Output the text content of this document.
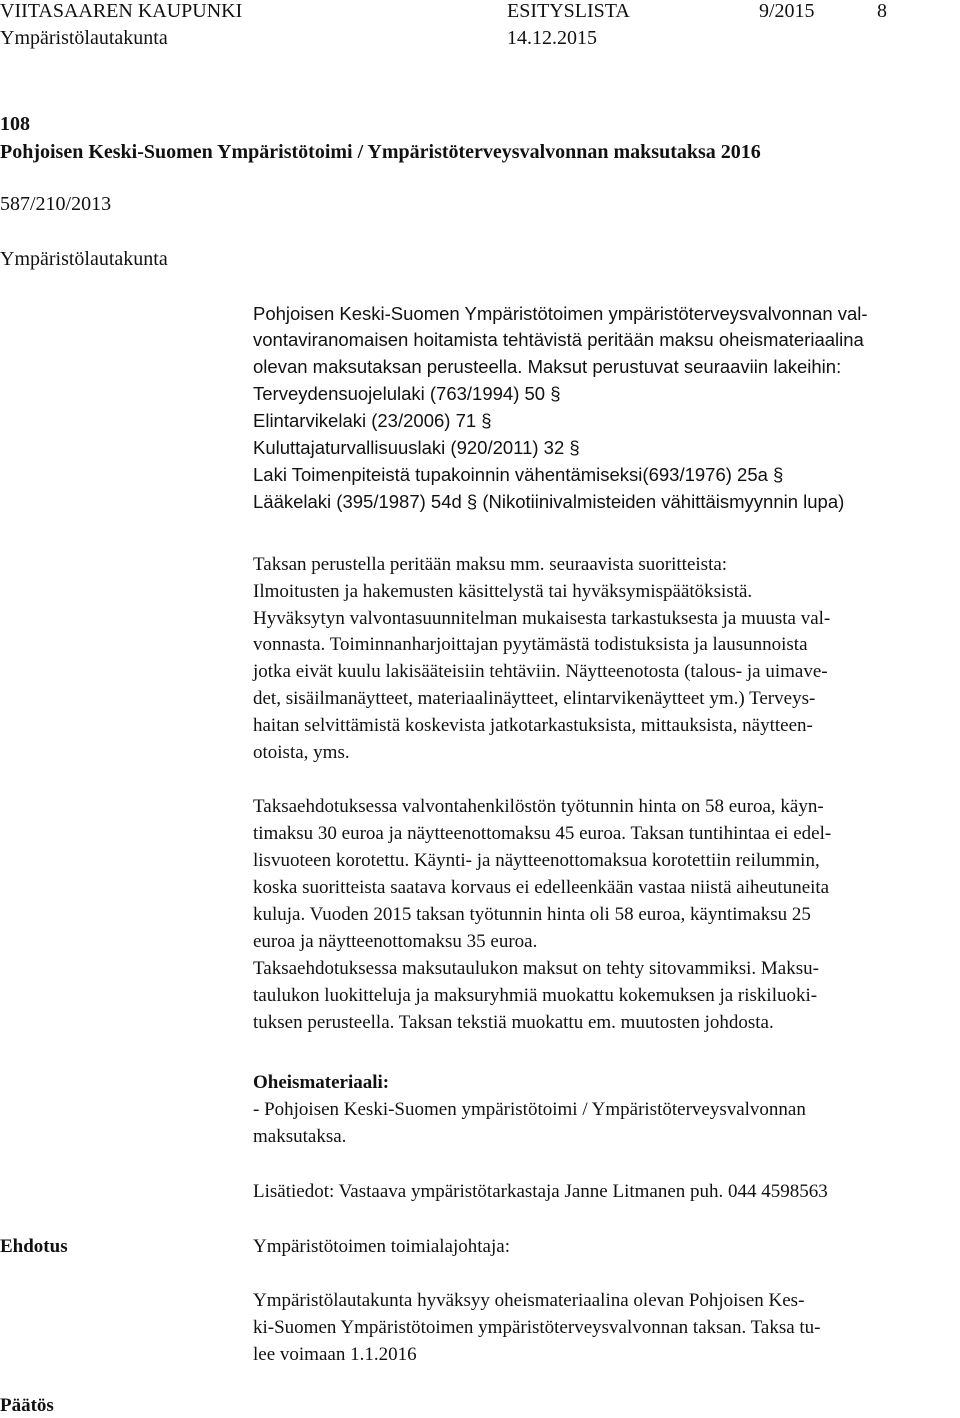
VIITASAAREN KAUPUNKI	ESITYSLISTA	9/2015	8
Ympäristölautakunta	14.12.2015
108
Pohjoisen Keski-Suomen Ympäristötoimi / Ympäristöterveysvalvonnan maksutaksa 2016
587/210/2013
Ympäristölautakunta
Pohjoisen Keski-Suomen Ympäristötoimen ympäristöterveysvalvonnan val-
vontaviranomaisen hoitamista tehtävistä peritään maksu oheismateriaalina
olevan maksutaksan perusteella. Maksut perustuvat seuraaviin lakeihin:
Terveydensuojelulaki (763/1994) 50 §
Elintarvikelaki (23/2006) 71 §
Kuluttajaturvallisuuslaki (920/2011) 32 §
Laki Toimenpiteistä tupakoinnin vähentämiseksi(693/1976) 25a §
Lääkelaki (395/1987) 54d § (Nikotiinivalmisteiden vähittäismyynnin lupa)
Taksan perustella peritään maksu mm. seuraavista suoritteista:
Ilmoitusten ja hakemusten käsittelystä tai hyväksymispäätöksistä.
Hyväksytyn valvontasuunnitelman mukaisesta tarkastuksesta ja muusta val-
vonnasta. Toiminnanharjoittajan pyytämästä todistuksista ja lausunnoista
jotka eivät kuulu lakisääteisiin tehtäviin. Näytteenotosta (talous- ja uimave-
det, sisäilmanäytteet, materiaalinäytteet, elintarvikenäytteet ym.) Terveys-
haitan selvittämistä koskevista jatkotarkastuksista, mittauksista, näytteen-
otoista, yms.
Taksaehdotuksessa valvontahenkilöstön työtunnin hinta on 58 euroa, käyn-
timaksu 30 euroa ja näytteenottomaksu 45 euroa. Taksan tuntihintaa ei edel-
lisvuoteen korotettu. Käynti- ja näytteenottomaksua korotettiin reilummin,
koska suoritteista saatava korvaus ei edelleenkään vastaa niistä aiheutuneita
kuluja. Vuoden 2015 taksan työtunnin hinta oli 58 euroa, käyntimaksu 25
euroa ja näytteenottomaksu 35 euroa.
Taksaehdotuksessa maksutaulukon maksut on tehty sitovammiksi. Maksu-
taulukon luokitteluja ja maksuryhmiä muokattu kokemuksen ja riskiluoki-
tuksen perusteella. Taksan tekstiä muokattu em. muutosten johdosta.
Oheismateriaali:
- Pohjoisen Keski-Suomen ympäristötoimi / Ympäristöterveysvalvonnan
maksutaksa.
Lisätiedot: Vastaava ympäristötarkastaja Janne Litmanen puh. 044 4598563
Ehdotus	Ympäristötoimen toimialajohtaja:
Ympäristölautakunta hyväksyy oheismateriaalina olevan Pohjoisen Kes-
ki-Suomen Ympäristötoimen ympäristöterveysvalvonnan taksan. Taksa tu-
lee voimaan 1.1.2016
Päätös
